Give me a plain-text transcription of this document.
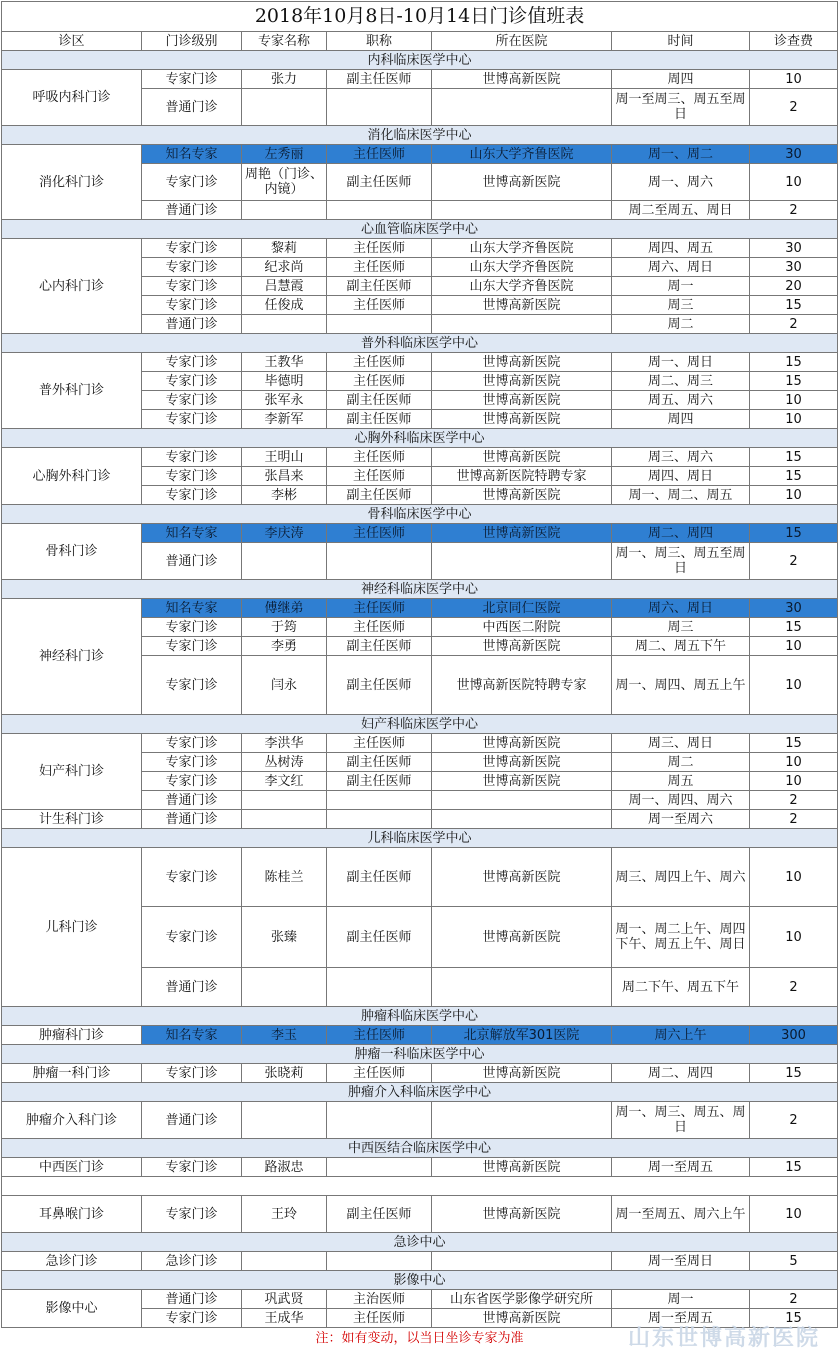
2018年10月8日-10月14日门诊值班表						
诊区	门诊级别	专家名称	职称	所在医院	时间	诊查费
内科临床医学中心						
呼吸内科门诊	专家门诊	张力	副主任医师	世博高新医院	周四	10
	普通门诊				周一至周三、周五至周日	2
消化临床医学中心						
消化科门诊	知名专家	左秀丽	主任医师	山东大学齐鲁医院	周一、周二	30
	专家门诊	周艳（门诊、内镜）	副主任医师	世博高新医院	周一、周六	10
	普通门诊				周二至周五、周日	2
心血管临床医学中心						
心内科门诊	专家门诊	黎莉	主任医师	山东大学齐鲁医院	周四、周五	30
	专家门诊	纪求尚	主任医师	山东大学齐鲁医院	周六、周日	30
	专家门诊	吕慧霞	副主任医师	山东大学齐鲁医院	周一	20
	专家门诊	任俊成	主任医师	世博高新医院	周三	15
	普通门诊				周二	2
普外科临床医学中心						
普外科门诊	专家门诊	王教华	主任医师	世博高新医院	周一、周日	15
	专家门诊	毕德明	主任医师	世博高新医院	周二、周三	15
	专家门诊	张军永	副主任医师	世博高新医院	周五、周六	10
	专家门诊	李新军	副主任医师	世博高新医院	周四	10
心胸外科临床医学中心						
心胸外科门诊	专家门诊	王明山	主任医师	世博高新医院	周三、周六	15
	专家门诊	张昌来	主任医师	世博高新医院特聘专家	周四、周日	15
	专家门诊	李彬	副主任医师	世博高新医院	周一、周二、周五	10
骨科临床医学中心						
骨科门诊	知名专家	李庆涛	主任医师	世博高新医院	周二、周四	15
	普通门诊				周一、周三、周五至周日	2
神经科临床医学中心						
神经科门诊	知名专家	傅继弟	主任医师	北京同仁医院	周六、周日	30
	专家门诊	于筠	主任医师	中西医二附院	周三	15
	专家门诊	李勇	副主任医师	世博高新医院	周二、周五下午	10
	专家门诊	闫永	副主任医师	世博高新医院特聘专家	周一、周四、周五上午	10
妇产科临床医学中心						
妇产科门诊	专家门诊	李洪华	主任医师	世博高新医院	周三、周日	15
	专家门诊	丛树涛	副主任医师	世博高新医院	周二	10
	专家门诊	李文红	副主任医师	世博高新医院	周五	10
	普通门诊				周一、周四、周六	2
计生科门诊	普通门诊				周一至周六	2
儿科临床医学中心						
儿科门诊	专家门诊	陈桂兰	副主任医师	世博高新医院	周三、周四上午、周六	10
	专家门诊	张臻	副主任医师	世博高新医院	周一、周二上午、周四下午、周五上午、周日	10
	普通门诊				周二下午、周五下午	2
肿瘤科临床医学中心						
肿瘤科门诊	知名专家	李玉	主任医师	北京解放军301医院	周六上午	300
肿瘤一科临床医学中心						
肿瘤一科门诊	专家门诊	张晓莉	主任医师	世博高新医院	周二、周四	15
肿瘤介入科临床医学中心						
肿瘤介入科门诊	普通门诊				周一、周三、周五、周日	2
中西医结合临床医学中心						
中西医门诊	专家门诊	路淑忠		世博高新医院	周一至周五	15

耳鼻喉门诊	专家门诊	王玲	副主任医师	世博高新医院	周一至周五、周六上午	10
急诊中心						
急诊门诊	急诊门诊				周一至周日	5
影像中心						
影像中心	普通门诊	巩武贤	主治医师	山东省医学影像学研究所	周一	2
	专家门诊	王成华	主任医师	世博高新医院	周一至周五	15
注：如有变动，以当日坐诊专家为准							山东世博高新医院
